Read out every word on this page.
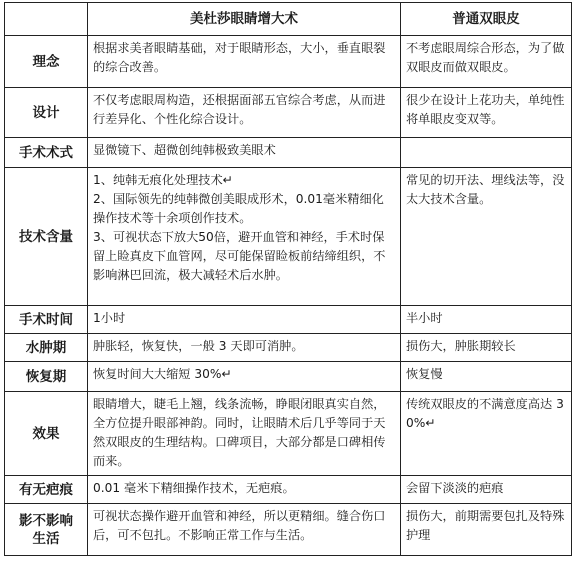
	美杜莎眼睛增大术	普通双眼皮

理念	根据求美者眼睛基础，对于眼睛形态，大小，垂直眼裂的综合改善。	不考虑眼周综合形态，为了做双眼皮而做双眼皮。

设计	不仅考虑眼周构造，还根据面部五官综合考虑，从而进行差异化、个性化综合设计。	很少在设计上花功夫，单纯性将单眼皮变双等。

手术术式	显微镜下、超微创纯韩极致美眼术	

技术含量	1、纯韩无痕化处理技术↵
2、国际领先的纯韩微创美眼成形术，0.01毫米精细化操作技术等十余项创作技术。
3、可视状态下放大50倍，避开血管和神经，手术时保留上睑真皮下血管网，尽可能保留睑板前结缔组织，不影响淋巴回流，极大减轻术后水肿。	常见的切开法、埋线法等，没太大技术含量。

手术时间	1小时	半小时

水肿期	肿胀轻，恢复快，一般 3 天即可消肿。	损伤大，肿胀期较长

恢复期	恢复时间大大缩短 30%↵	恢复慢

效果	眼睛增大，睫毛上翘，线条流畅，睁眼闭眼真实自然，全方位提升眼部神韵。同时，让眼睛术后几乎等同于天然双眼皮的生理结构。口碑项目，大部分都是口碑相传而来。	传统双眼皮的不满意度高达 30%↵

有无疤痕	0.01 毫米下精细操作技术，无疤痕。	会留下淡淡的疤痕

影不影响
生活	可视状态操作避开血管和神经，所以更精细。缝合伤口后，可不包扎。不影响正常工作与生活。	损伤大，前期需要包扎及特殊护理
